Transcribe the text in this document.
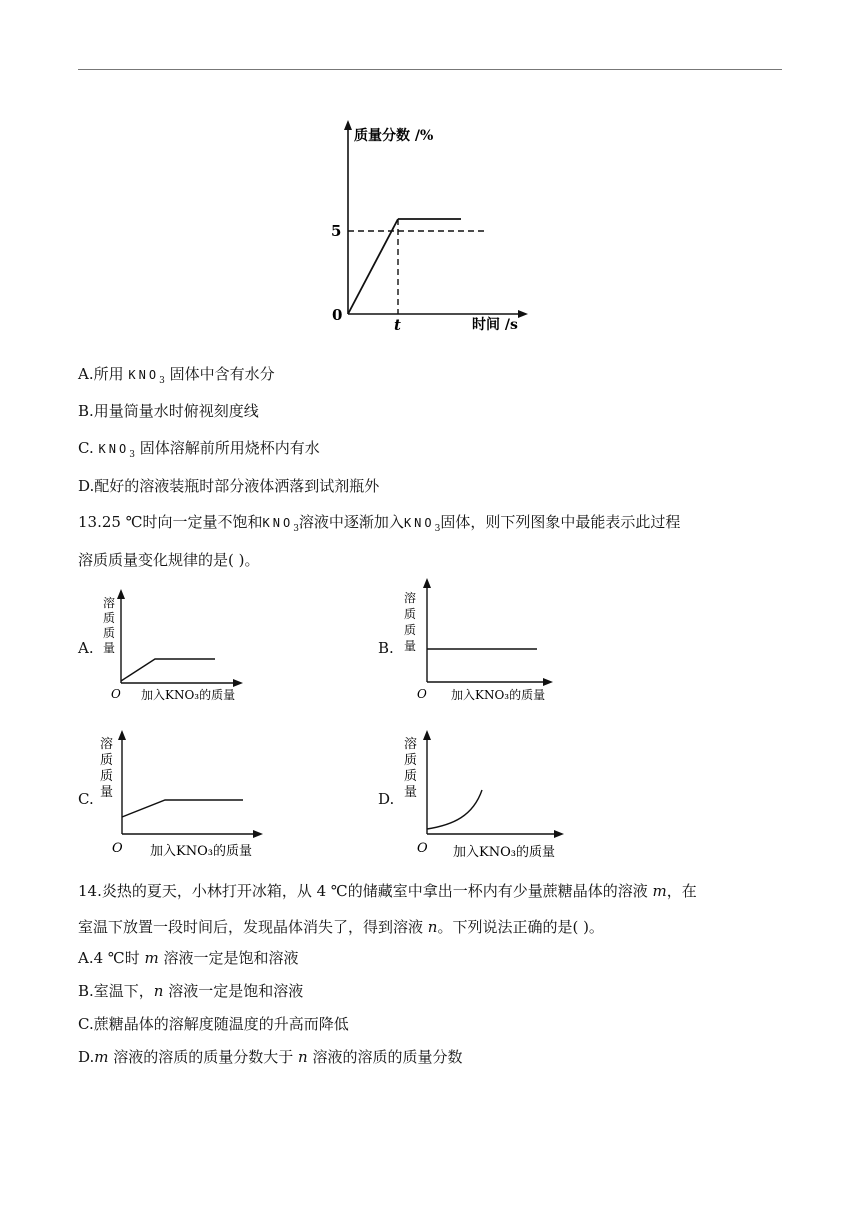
质量分数 /%
时间 /s
0
5
t
A.所用 $KNO_3$ 固体中含有水分
B.用量筒量水时俯视刻度线
C. $KNO_3$ 固体溶解前所用烧杯内有水
D.配好的溶液装瓶时部分液体洒落到试剂瓶外
13.25 ℃时向一定量不饱和$KNO_3$溶液中逐渐加入$KNO_3$固体，则下列图象中最能表示此过程
溶质质量变化规律的是( )。
A.
溶
质
质
量
O 加入KNO₃的质量
B.
溶
质
质
量
O 加入KNO₃的质量
C.
溶
质
质
量
O 加入KNO₃的质量
D.
溶
质
质
量
O 加入KNO₃的质量
14.炎热的夏天，小林打开冰箱，从 4 ℃的储藏室中拿出一杯内有少量蔗糖晶体的溶液 m，在
室温下放置一段时间后，发现晶体消失了，得到溶液 n。下列说法正确的是( )。
A.4 ℃时 m 溶液一定是饱和溶液
B.室温下，n 溶液一定是饱和溶液
C.蔗糖晶体的溶解度随温度的升高而降低
D.m 溶液的溶质的质量分数大于 n 溶液的溶质的质量分数
